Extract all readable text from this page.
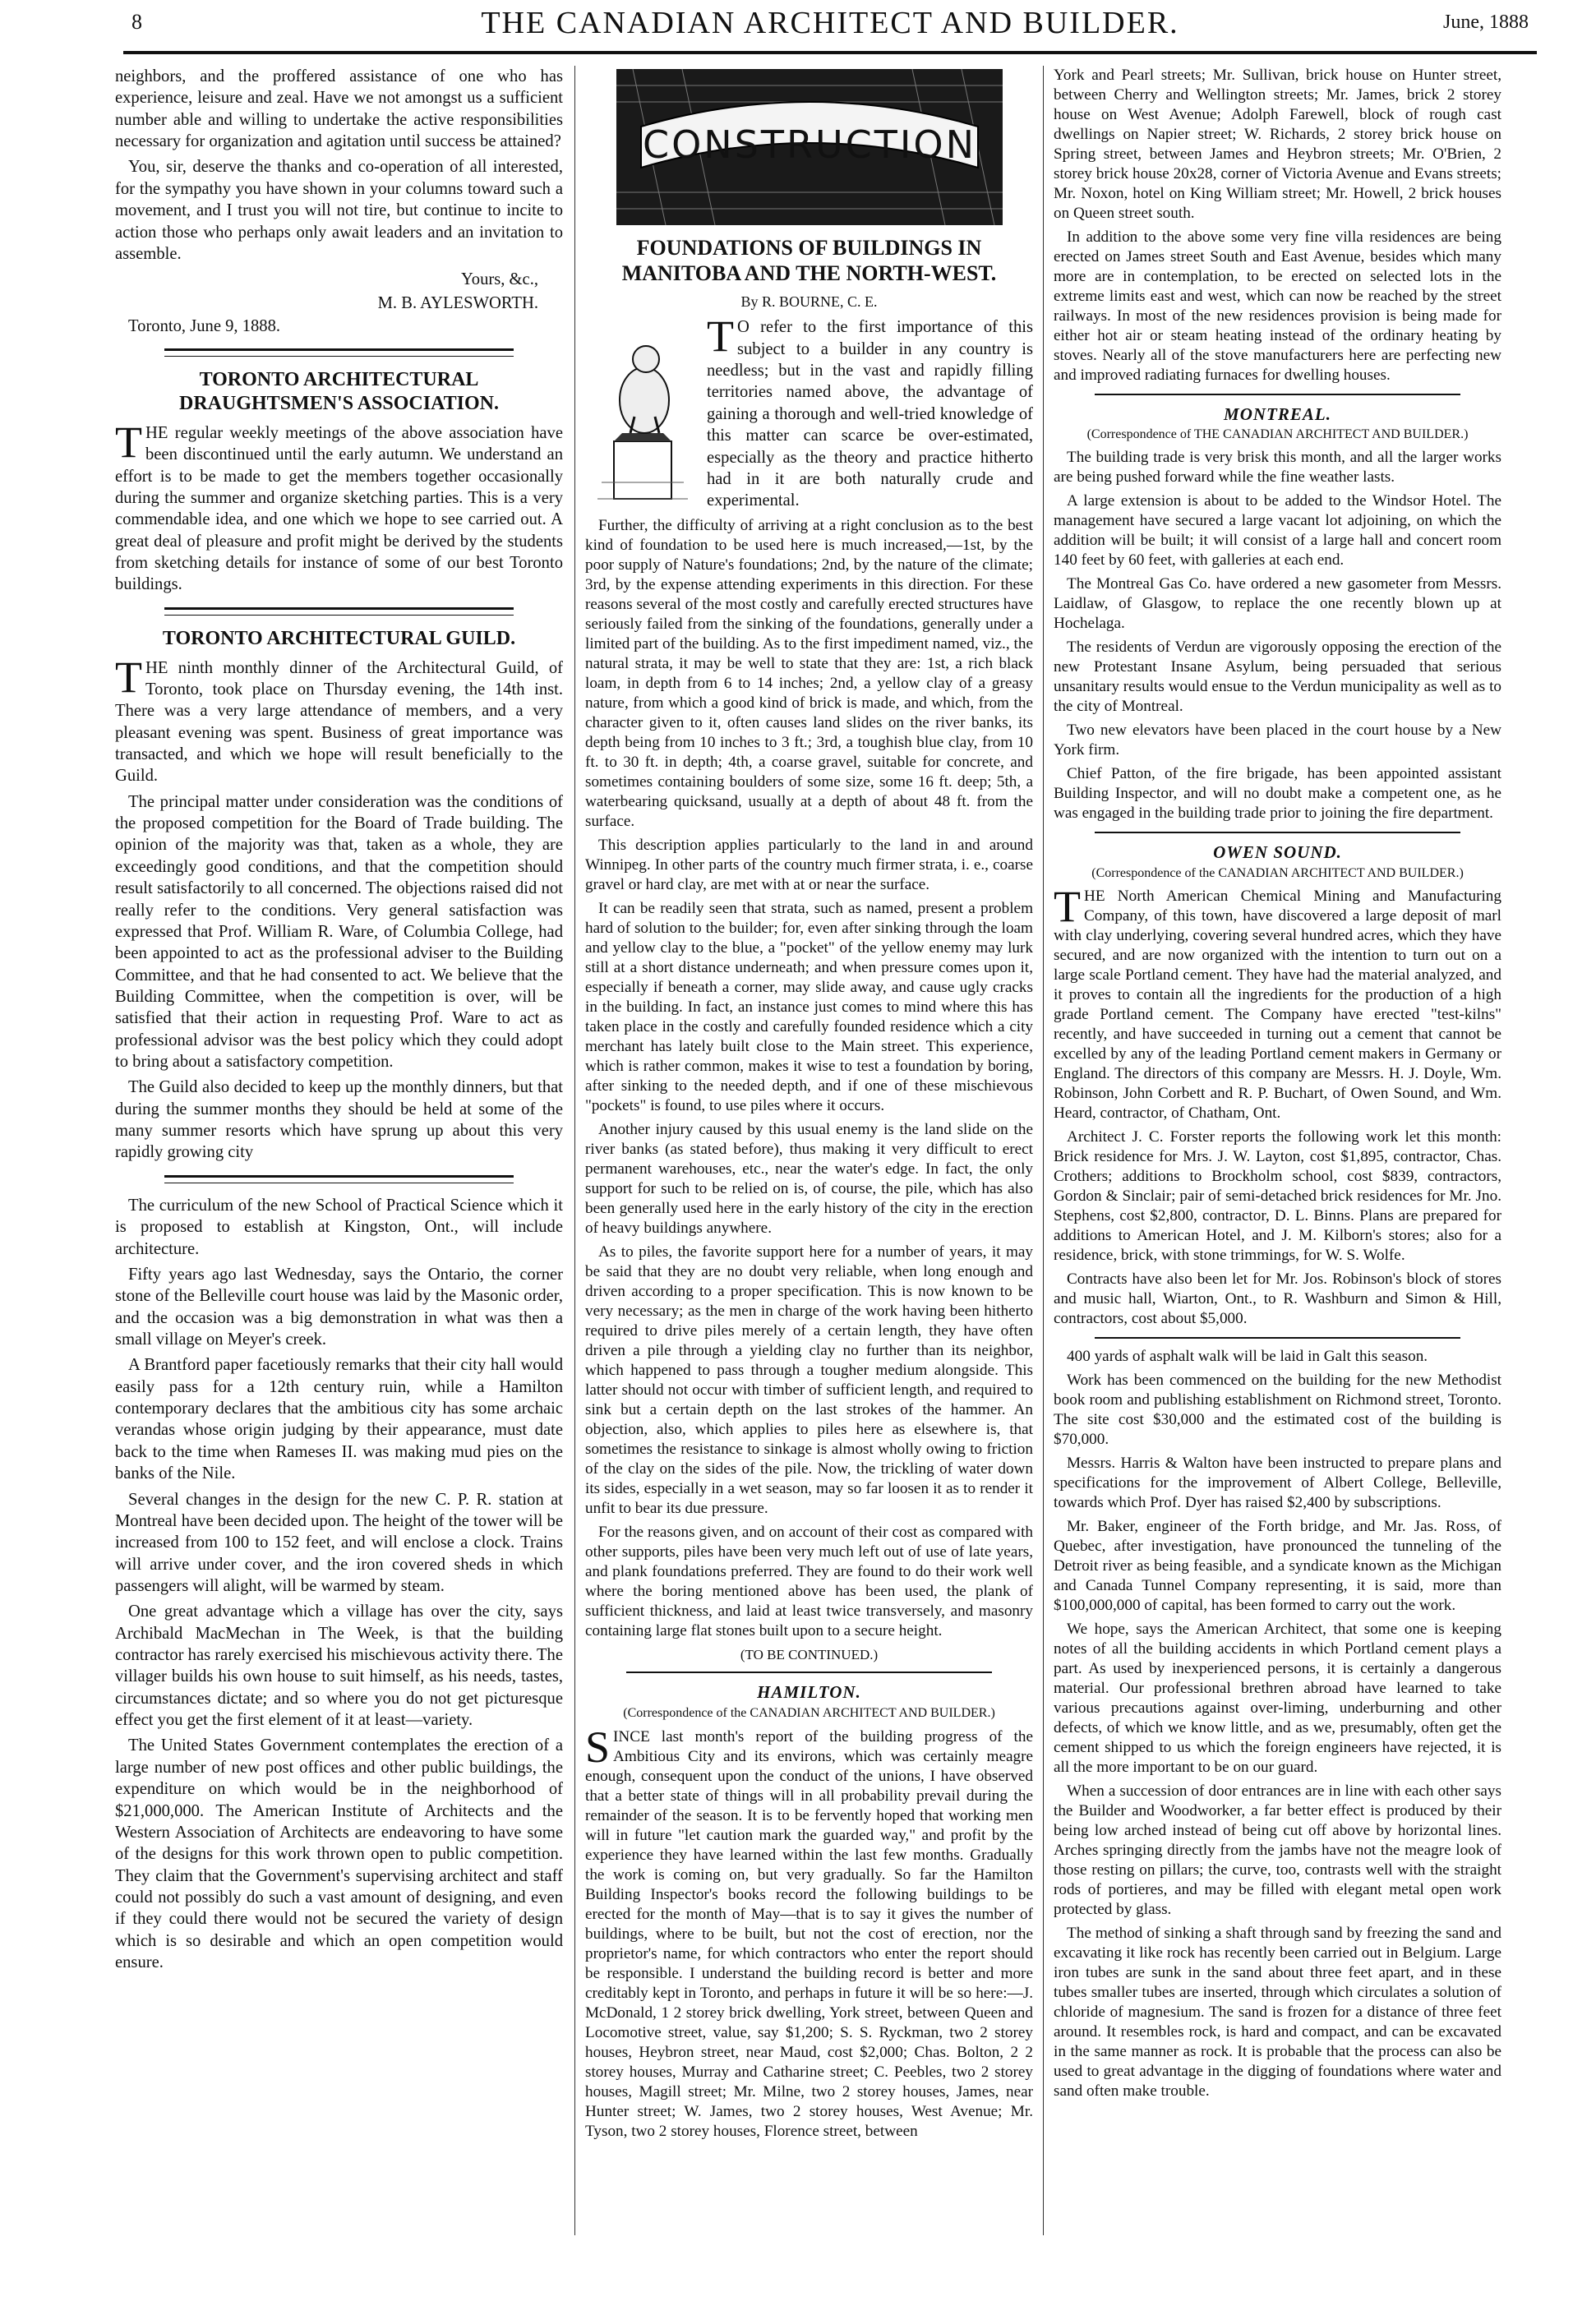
8	THE CANADIAN ARCHITECT AND BUILDER.	June, 1888

neighbors, and the proffered assistance of one who has experience, leisure and zeal. Have we not amongst us a sufficient number able and willing to undertake the active responsibilities necessary for organization and agitation until success be attained?

You, sir, deserve the thanks and co-operation of all interested, for the sympathy you have shown in your columns toward such a movement, and I trust you will not tire, but continue to incite to action those who perhaps only await leaders and an invitation to assemble.

Yours, &c.,

M. B. AYLESWORTH.

Toronto, June 9, 1888.

TORONTO ARCHITECTURAL DRAUGHTSMEN'S ASSOCIATION.

THE regular weekly meetings of the above association have been discontinued until the early autumn. We understand an effort is to be made to get the members together occasionally during the summer and organize sketching parties. This is a very commendable idea, and one which we hope to see carried out. A great deal of pleasure and profit might be derived by the students from sketching details for instance of some of our best Toronto buildings.

TORONTO ARCHITECTURAL GUILD.

THE ninth monthly dinner of the Architectural Guild, of Toronto, took place on Thursday evening, the 14th inst. There was a very large attendance of members, and a very pleasant evening was spent. Business of great importance was transacted, and which we hope will result beneficially to the Guild.

The principal matter under consideration was the conditions of the proposed competition for the Board of Trade building. The opinion of the majority was that, taken as a whole, they are exceedingly good conditions, and that the competition should result satisfactorily to all concerned. The objections raised did not really refer to the conditions. Very general satisfaction was expressed that Prof. William R. Ware, of Columbia College, had been appointed to act as the professional adviser to the Building Committee, and that he had consented to act. We believe that the Building Committee, when the competition is over, will be satisfied that their action in requesting Prof. Ware to act as professional advisor was the best policy which they could adopt to bring about a satisfactory competition.

The Guild also decided to keep up the monthly dinners, but that during the summer months they should be held at some of the many summer resorts which have sprung up about this very rapidly growing city

The curriculum of the new School of Practical Science which it is proposed to establish at Kingston, Ont., will include architecture.

Fifty years ago last Wednesday, says the Ontario, the corner stone of the Belleville court house was laid by the Masonic order, and the occasion was a big demonstration in what was then a small village on Meyer's creek.

A Brantford paper facetiously remarks that their city hall would easily pass for a 12th century ruin, while a Hamilton contemporary declares that the ambitious city has some archaic verandas whose origin judging by their appearance, must date back to the time when Rameses II. was making mud pies on the banks of the Nile.

Several changes in the design for the new C. P. R. station at Montreal have been decided upon. The height of the tower will be increased from 100 to 152 feet, and will enclose a clock. Trains will arrive under cover, and the iron covered sheds in which passengers will alight, will be warmed by steam.

One great advantage which a village has over the city, says Archibald MacMechan in The Week, is that the building contractor has rarely exercised his mischievous activity there. The villager builds his own house to suit himself, as his needs, tastes, circumstances dictate; and so where you do not get picturesque effect you get the first element of it at least—variety.

The United States Government contemplates the erection of a large number of new post offices and other public buildings, the expenditure on which would be in the neighborhood of $21,000,000. The American Institute of Architects and the Western Association of Architects are endeavoring to have some of the designs for this work thrown open to public competition. They claim that the Government's supervising architect and staff could not possibly do such a vast amount of designing, and even if they could there would not be secured the variety of design which is so desirable and which an open competition would ensure.

CONSTRUCTION
FOUNDATIONS OF BUILDINGS IN MANITOBA AND THE NORTH-WEST.
By R. BOURNE, C. E.

T O refer to the first importance of this subject to a builder in any country is needless; but in the vast and rapidly filling territories named above, the advantage of gaining a thorough and well-tried knowledge of this matter can scarce be over-estimated, especially as the theory and practice hitherto had in it are both naturally crude and experimental.

Further, the difficulty of arriving at a right conclusion as to the best kind of foundation to be used here is much increased,—1st, by the poor supply of Nature's foundations; 2nd, by the nature of the climate; 3rd, by the expense attending experiments in this direction. For these reasons several of the most costly and carefully erected structures have seriously failed from the sinking of the foundations, generally under a limited part of the building. As to the first impediment named, viz., the natural strata, it may be well to state that they are: 1st, a rich black loam, in depth from 6 to 14 inches; 2nd, a yellow clay of a greasy nature, from which a good kind of brick is made, and which, from the character given to it, often causes land slides on the river banks, its depth being from 10 inches to 3 ft.; 3rd, a toughish blue clay, from 10 ft. to 30 ft. in depth; 4th, a coarse gravel, suitable for concrete, and sometimes containing boulders of some size, some 16 ft. deep; 5th, a waterbearing quicksand, usually at a depth of about 48 ft. from the surface.

This description applies particularly to the land in and around Winnipeg. In other parts of the country much firmer strata, i. e., coarse gravel or hard clay, are met with at or near the surface.

It can be readily seen that strata, such as named, present a problem hard of solution to the builder; for, even after sinking through the loam and yellow clay to the blue, a "pocket" of the yellow enemy may lurk still at a short distance underneath; and when pressure comes upon it, especially if beneath a corner, may slide away, and cause ugly cracks in the building. In fact, an instance just comes to mind where this has taken place in the costly and carefully founded residence which a city merchant has lately built close to the Main street. This experience, which is rather common, makes it wise to test a foundation by boring, after sinking to the needed depth, and if one of these mischievous "pockets" is found, to use piles where it occurs.

Another injury caused by this usual enemy is the land slide on the river banks (as stated before), thus making it very difficult to erect permanent warehouses, etc., near the water's edge. In fact, the only support for such to be relied on is, of course, the pile, which has also been generally used here in the early history of the city in the erection of heavy buildings anywhere.

As to piles, the favorite support here for a number of years, it may be said that they are no doubt very reliable, when long enough and driven according to a proper specification. This is now known to be very necessary; as the men in charge of the work having been hitherto required to drive piles merely of a certain length, they have often driven a pile through a yielding clay no further than its neighbor, which happened to pass through a tougher medium alongside. This latter should not occur with timber of sufficient length, and required to sink but a certain depth on the last strokes of the hammer. An objection, also, which applies to piles here as elsewhere is, that sometimes the resistance to sinkage is almost wholly owing to friction of the clay on the sides of the pile. Now, the trickling of water down its sides, especially in a wet season, may so far loosen it as to render it unfit to bear its due pressure.

For the reasons given, and on account of their cost as compared with other supports, piles have been very much left out of use of late years, and plank foundations preferred. They are found to do their work well where the boring mentioned above has been used, the plank of sufficient thickness, and laid at least twice transversely, and masonry containing large flat stones built upon to a secure height.

(TO BE CONTINUED.)
HAMILTON.
(Correspondence of the CANADIAN ARCHITECT AND BUILDER.)

SINCE last month's report of the building progress of the Ambitious City and its environs, which was certainly meagre enough, consequent upon the conduct of the unions, I have observed that a better state of things will in all probability prevail during the remainder of the season. It is to be fervently hoped that working men will in future "let caution mark the guarded way," and profit by the experience they have learned within the last few months. Gradually the work is coming on, but very gradually. So far the Hamilton Building Inspector's books record the following buildings to be erected for the month of May—that is to say it gives the number of buildings, where to be built, but not the cost of erection, nor the proprietor's name, for which contractors who enter the report should be responsible. I understand the building record is better and more creditably kept in Toronto, and perhaps in future it will be so here:—J. McDonald, 1 2 storey brick dwelling, York street, between Queen and Locomotive street, value, say $1,200; S. S. Ryckman, two 2 storey houses, Heybron street, near Maud, cost $2,000; Chas. Bolton, 2 2 storey houses, Murray and Catharine street; C. Peebles, two 2 storey houses, Magill street; Mr. Milne, two 2 storey houses, James, near Hunter street; W. James, two 2 storey houses, West Avenue; Mr. Tyson, two 2 storey houses, Florence street, between

York and Pearl streets; Mr. Sullivan, brick house on Hunter street, between Cherry and Wellington streets; Mr. James, brick 2 storey house on West Avenue; Adolph Farewell, block of rough cast dwellings on Napier street; W. Richards, 2 storey brick house on Spring street, between James and Heybron streets; Mr. O'Brien, 2 storey brick house 20x28, corner of Victoria Avenue and Evans streets; Mr. Noxon, hotel on King William street; Mr. Howell, 2 brick houses on Queen street south.

In addition to the above some very fine villa residences are being erected on James street South and East Avenue, besides which many more are in contemplation, to be erected on selected lots in the extreme limits east and west, which can now be reached by the street railways. In most of the new residences provision is being made for either hot air or steam heating instead of the ordinary heating by stoves. Nearly all of the stove manufacturers here are perfecting new and improved radiating furnaces for dwelling houses.

MONTREAL.
(Correspondence of THE CANADIAN ARCHITECT AND BUILDER.)

The building trade is very brisk this month, and all the larger works are being pushed forward while the fine weather lasts.

A large extension is about to be added to the Windsor Hotel. The management have secured a large vacant lot adjoining, on which the addition will be built; it will consist of a large hall and concert room 140 feet by 60 feet, with galleries at each end.

The Montreal Gas Co. have ordered a new gasometer from Messrs. Laidlaw, of Glasgow, to replace the one recently blown up at Hochelaga.

The residents of Verdun are vigorously opposing the erection of the new Protestant Insane Asylum, being persuaded that serious unsanitary results would ensue to the Verdun municipality as well as to the city of Montreal.

Two new elevators have been placed in the court house by a New York firm.

Chief Patton, of the fire brigade, has been appointed assistant Building Inspector, and will no doubt make a competent one, as he was engaged in the building trade prior to joining the fire department.

OWEN SOUND.
(Correspondence of the CANADIAN ARCHITECT AND BUILDER.)

THE North American Chemical Mining and Manufacturing Company, of this town, have discovered a large deposit of marl with clay underlying, covering several hundred acres, which they have secured, and are now organized with the intention to turn out on a large scale Portland cement. They have had the material analyzed, and it proves to contain all the ingredients for the production of a high grade Portland cement. The Company have erected "test-kilns" recently, and have succeeded in turning out a cement that cannot be excelled by any of the leading Portland cement makers in Germany or England. The directors of this company are Messrs. H. J. Doyle, Wm. Robinson, John Corbett and R. P. Buchart, of Owen Sound, and Wm. Heard, contractor, of Chatham, Ont.

Architect J. C. Forster reports the following work let this month: Brick residence for Mrs. J. W. Layton, cost $1,895, contractor, Chas. Crothers; additions to Brockholm school, cost $839, contractors, Gordon & Sinclair; pair of semi-detached brick residences for Mr. Jno. Stephens, cost $2,800, contractor, D. L. Binns. Plans are prepared for additions to American Hotel, and J. M. Kilborn's stores; also for a residence, brick, with stone trimmings, for W. S. Wolfe.

Contracts have also been let for Mr. Jos. Robinson's block of stores and music hall, Wiarton, Ont., to R. Washburn and Simon & Hill, contractors, cost about $5,000.

400 yards of asphalt walk will be laid in Galt this season.

Work has been commenced on the building for the new Methodist book room and publishing establishment on Richmond street, Toronto. The site cost $30,000 and the estimated cost of the building is $70,000.

Messrs. Harris & Walton have been instructed to prepare plans and specifications for the improvement of Albert College, Belleville, towards which Prof. Dyer has raised $2,400 by subscriptions.

Mr. Baker, engineer of the Forth bridge, and Mr. Jas. Ross, of Quebec, after investigation, have pronounced the tunneling of the Detroit river as being feasible, and a syndicate known as the Michigan and Canada Tunnel Company representing, it is said, more than $100,000,000 of capital, has been formed to carry out the work.

We hope, says the American Architect, that some one is keeping notes of all the building accidents in which Portland cement plays a part. As used by inexperienced persons, it is certainly a dangerous material. Our professional brethren abroad have learned to take various precautions against over-liming, underburning and other defects, of which we know little, and as we, presumably, often get the cement shipped to us which the foreign engineers have rejected, it is all the more important to be on our guard.

When a succession of door entrances are in line with each other says the Builder and Woodworker, a far better effect is produced by their being low arched instead of being cut off above by horizontal lines. Arches springing directly from the jambs have not the meagre look of those resting on pillars; the curve, too, contrasts well with the straight rods of portieres, and may be filled with elegant metal open work protected by glass.

The method of sinking a shaft through sand by freezing the sand and excavating it like rock has recently been carried out in Belgium. Large iron tubes are sunk in the sand about three feet apart, and in these tubes smaller tubes are inserted, through which circulates a solution of chloride of magnesium. The sand is frozen for a distance of three feet around. It resembles rock, is hard and compact, and can be excavated in the same manner as rock. It is probable that the process can also be used to great advantage in the digging of foundations where water and sand often make trouble.
